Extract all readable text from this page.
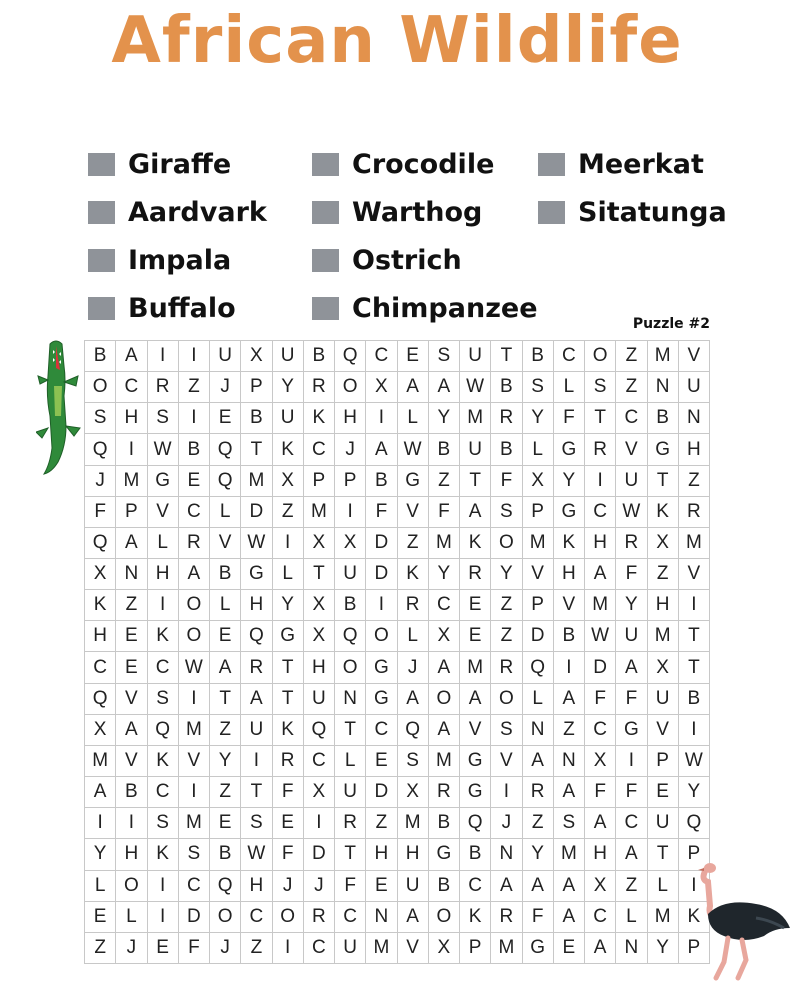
African Wildlife
Giraffe
Aardvark
Impala
Buffalo
Crocodile
Warthog
Ostrich
Chimpanzee
Meerkat
Sitatunga
Puzzle #2
B A	I	I	U X U B Q C E S U T	B C O Z M V
O C R Z	J	P Y R O X A A W B S	L	S	Z N U
S H S	I	E B U K H	I	L	Y M R Y	F	T C B N
Q	I	W B Q T	K C	J	A W B U B	L G R V G H
J M G E Q M X P P B G Z	T	F	X Y	I	U T	Z
F	P V C	L	D Z M	I	F	V	F	A S P G C W K R
Q A	L	R V W	I	X X D Z M K O M K H R X M
X N H A B G L	T U D K Y R Y V H A	F	Z	V
K	Z	I	O L	H Y X B	I	R C E	Z	P V M Y H	I
H E K O E Q G X Q O L	X E	Z D B W U M T
C E C W A R T H O G	J	A M R Q	I	D A X	T
Q V S	I	T	A	T U N G A O A O L	A	F	F U B
X A Q M Z U K Q T C Q A V S N Z C G V	I
M V K V Y	I	R C	L	E S M G V A N X	I	P W
A B C	I	Z	T	F	X U D X R G	I	R A	F	F	E Y
I	I	S M E S E	I	R Z M B Q	J	Z	S A C U Q
Y H K S B W F D T H H G B N Y M H A	T	P
L O	I	C Q H	J	J	F	E U B C A A A X	Z	L	I
E	L	I	D O C O R C N A O K R F	A C	L M K
Z	J	E	F	J	Z	I	C U M V X P M G E A N Y P
